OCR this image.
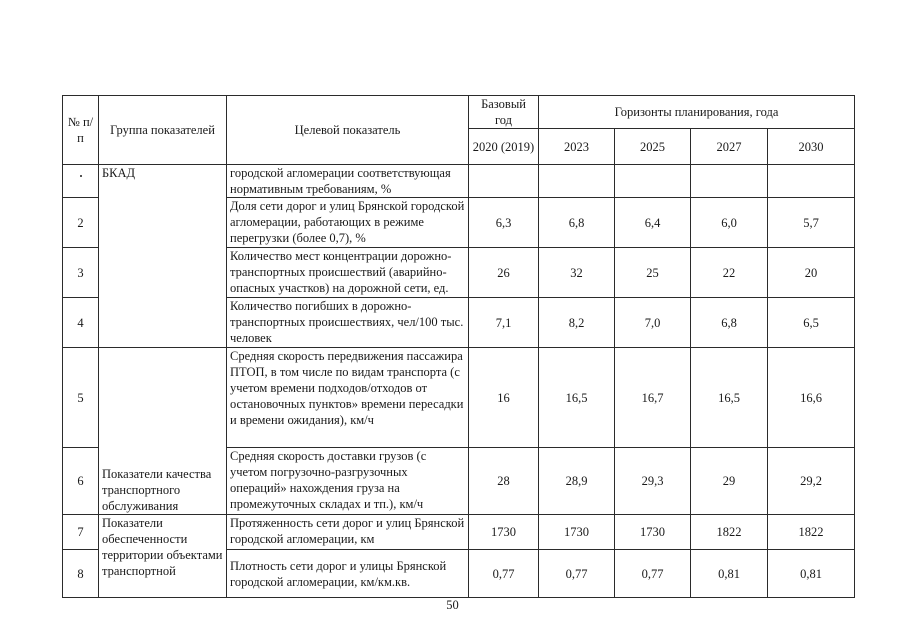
№ п/п	Группа показателей	Целевой показатель	Базовый год	Горизонты планирования, года			
			2020 (2019)	2023	2025	2027	2030
	БКАД	городской агломерации соответствующая нормативным требованиям, %					
2		Доля сети дорог и улиц Брянской городской агломерации, работающих в режиме перегрузки (более 0,7), %	6,3	6,8	6,4	6,0	5,7
3		Количество мест концентрации дорожно-транспортных происшествий (аварийно-опасных участков) на дорожной сети, ед.	26	32	25	22	20
4		Количество погибших в дорожно-транспортных происшествиях, чел/100 тыс. человек	7,1	8,2	7,0	6,8	6,5
5	Показатели качества транспортного обслуживания	Средняя скорость передвижения пассажира ПТОП, в том числе по видам транспорта (с учетом времени подходов/отходов от остановочных пунктов» времени пересадки и времени ожидания), км/ч	16	16,5	16,7	16,5	16,6
6		Средняя скорость доставки грузов (с учетом погрузочно-разгрузочных операций» нахождения груза на промежуточных складах и тп.), км/ч	28	28,9	29,3	29	29,2
7	Показатели обеспеченности территории объектами транспортной	Протяженность сети дорог и улиц Брянской городской агломерации, км	1730	1730	1730	1822	1822
8		Плотность сети дорог и улицы Брянской городской агломерации, км/км.кв.	0,77	0,77	0,77	0,81	0,81
50
